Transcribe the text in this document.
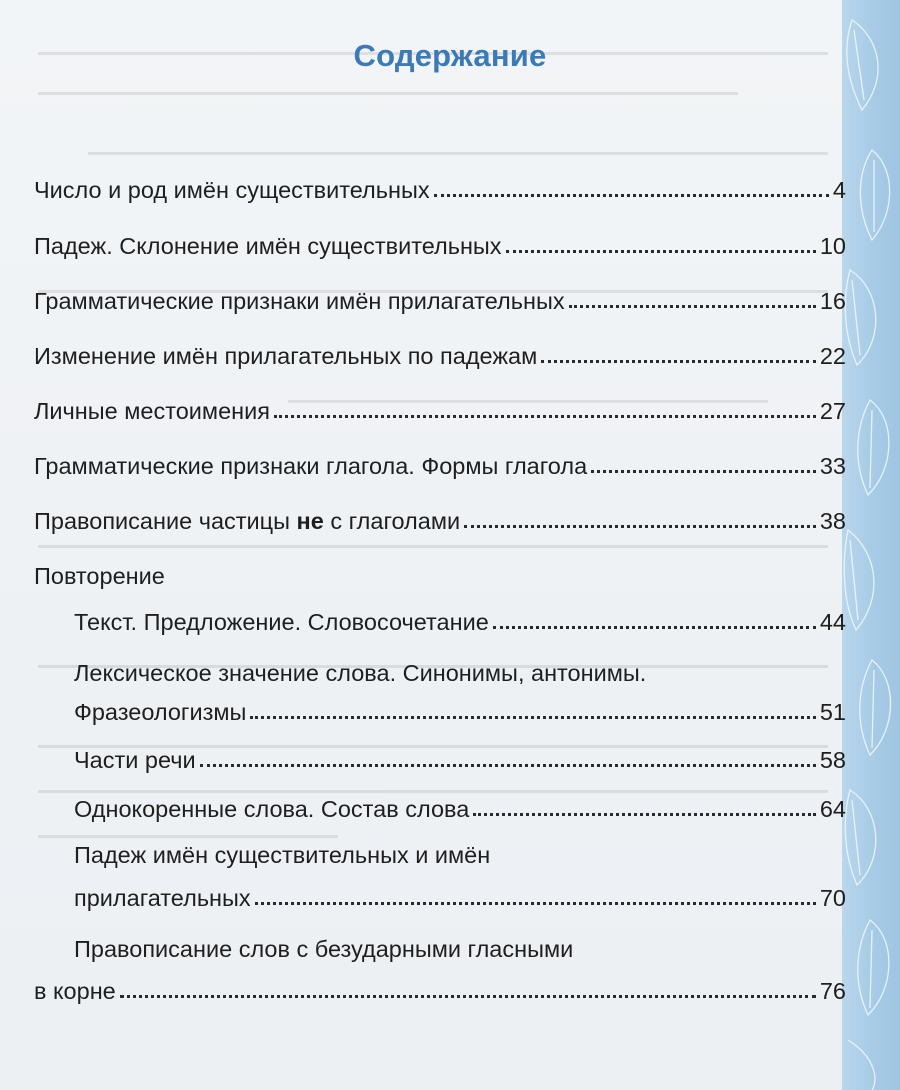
Содержание
Число и род имён существительных	4
Падеж. Склонение имён существительных	10
Грамматические признаки имён прилагательных	16
Изменение имён прилагательных по падежам	22
Личные местоимения	27
Грамматические признаки глагола. Формы глагола	33
Правописание частицы не с глаголами	38
Повторение
Текст. Предложение. Словосочетание	44
Лексическое значение слова. Синонимы, антонимы.
Фразеологизмы	51
Части речи	58
Однокоренные слова. Состав слова	64
Падеж имён существительных и имён
прилагательных	70
Правописание слов с безударными гласными
в корне	76
